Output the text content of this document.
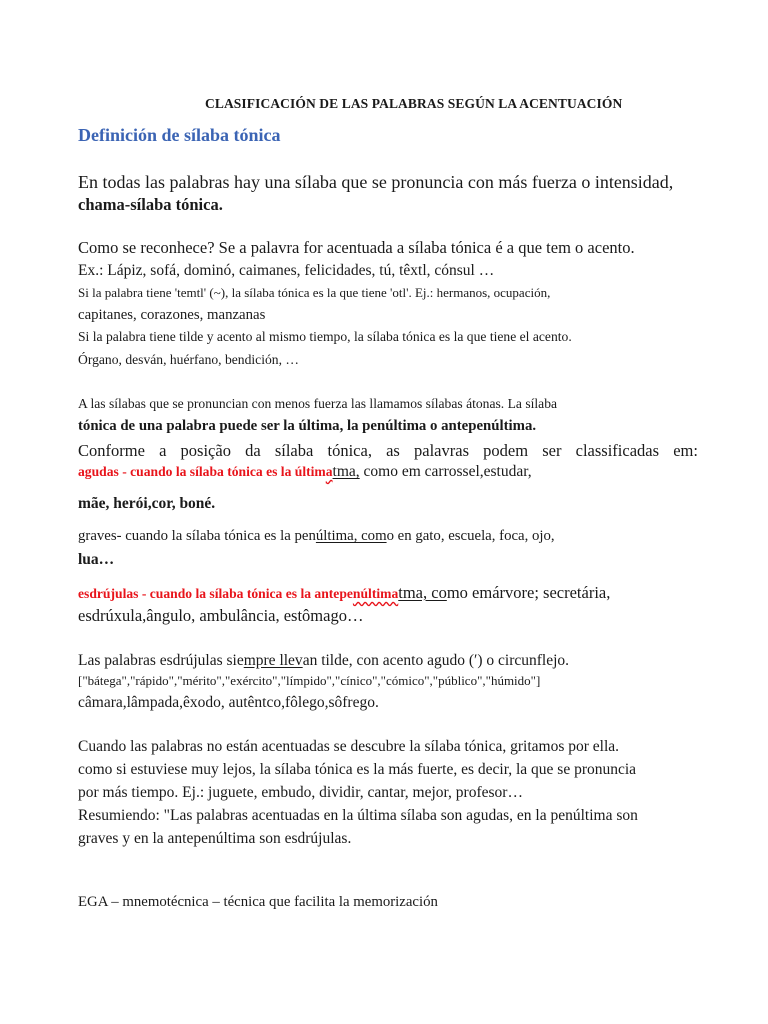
CLASIFICACIÓN DE LAS PALABRAS SEGÚN LA ACENTUACIÓN
Definición de sílaba tónica
En todas las palabras hay una sílaba que se pronuncia con más fuerza o intensidad,
chama-sílaba tónica.
Como se reconhece? Se a palavra for acentuada a sílaba tónica é a que tem o acento.
Ex.: Lápiz, sofá, dominó, caimanes, felicidades, tú, têxtl, cónsul …
Si la palabra tiene 'temtl' (~), la sílaba tónica es la que tiene 'otl'. Ej.: hermanos, ocupación,
capitanes, corazones, manzanas
Si la palabra tiene tilde y acento al mismo tiempo, la sílaba tónica es la que tiene el acento.
Órgano, desván, huérfano, bendición, …
A las sílabas que se pronuncian con menos fuerza las llamamos sílabas átonas. La sílaba
tónica de una palabra puede ser la última, la penúltima o antepenúltima.
Conforme a posição da sílaba tónica, as palavras podem ser classificadas em:
agudas - cuando la sílaba tónica es la últimatma, como em carrossel,estudar,
mãe, herói,cor, boné.
graves- cuando la sílaba tónica es la penúltima, como en gato, escuela, foca, ojo,
lua…
esdrújulas - cuando la sílaba tónica es la antepenúltimatma, como emárvore; secretária,
esdrúxula,ângulo, ambulância, estômago…
Las palabras esdrújulas siempre llevan tilde, con acento agudo (′) o circunflejo.
["bátega","rápido","mérito","exército","límpido","cínico","cómico","público","húmido"]
câmara,lâmpada,êxodo, autêntco,fôlego,sôfrego.
Cuando las palabras no están acentuadas se descubre la sílaba tónica, gritamos por ella.
como si estuviese muy lejos, la sílaba tónica es la más fuerte, es decir, la que se pronuncia
por más tiempo. Ej.: juguete, embudo, dividir, cantar, mejor, profesor…
Resumiendo: "Las palabras acentuadas en la última sílaba son agudas, en la penúltima son
graves y en la antepenúltima son esdrújulas.
EGA – mnemotécnica – técnica que facilita la memorización
